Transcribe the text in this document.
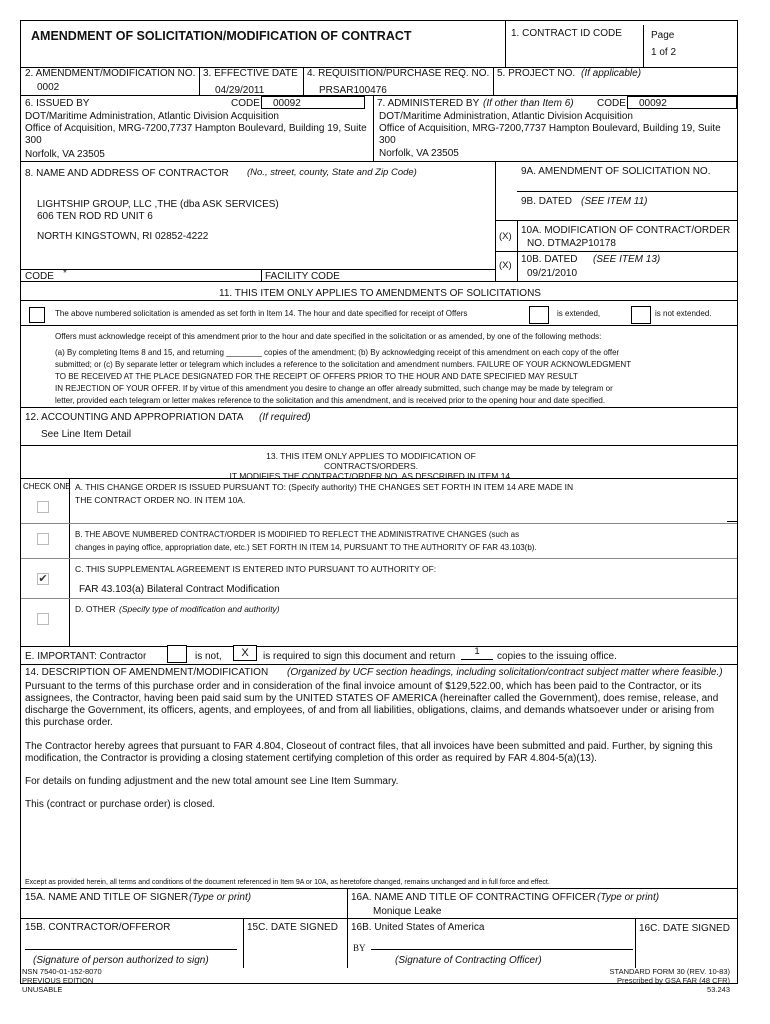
AMENDMENT OF SOLICITATION/MODIFICATION OF CONTRACT	1. CONTRACT ID CODE	Page
1 of 2
2. AMENDMENT/MODIFICATION NO. 3. EFFECTIVE DATE 4. REQUISITION/PURCHASE REQ. NO. 5. PROJECT NO. (If applicable)
0002	04/29/2011	PRSAR100476
6. ISSUED BY	CODE 00092
DOT/Maritime Administration, Atlantic Division Acquisition
Office of Acquisition, MRG-7200,7737 Hampton Boulevard, Building 19, Suite
300
Norfolk, VA 23505
7. ADMINISTERED BY (If other than Item 6) CODE 00092
DOT/Maritime Administration, Atlantic Division Acquisition
Office of Acquisition, MRG-7200,7737 Hampton Boulevard, Building 19, Suite
300
Norfolk, VA 23505
8. NAME AND ADDRESS OF CONTRACTOR (No., street, county, State and Zip Code)
LIGHTSHIP GROUP, LLC ,THE (dba ASK SERVICES)
606 TEN ROD RD UNIT 6
NORTH KINGSTOWN, RI 02852-4222
CODE *	FACILITY CODE
9A. AMENDMENT OF SOLICITATION NO.
9B. DATED (SEE ITEM 11)
(X)
10A. MODIFICATION OF CONTRACT/ORDER
NO. DTMA2P10178
(X)
10B. DATED (SEE ITEM 13)
09/21/2010
11. THIS ITEM ONLY APPLIES TO AMENDMENTS OF SOLICITATIONS
The above numbered solicitation is amended as set forth in Item 14. The hour and date specified for receipt of Offers	is extended,	is not extended.
Offers must acknowledge receipt of this amendment prior to the hour and date specified in the solicitation or as amended, by one of the following methods:
(a) By completing Items 8 and 15, and returning ________ copies of the amendment; (b) By acknowledging receipt of this amendment on each copy of the offer
submitted; or (c) By separate letter or telegram which includes a reference to the solicitation and amendment numbers. FAILURE OF YOUR ACKNOWLEDGMENT
TO BE RECEIVED AT THE PLACE DESIGNATED FOR THE RECEIPT OF OFFERS PRIOR TO THE HOUR AND DATE SPECIFIED MAY RESULT
IN REJECTION OF YOUR OFFER. If by virtue of this amendment you desire to change an offer already submitted, such change may be made by telegram or
letter, provided each telegram or letter makes reference to the solicitation and this amendment, and is received prior to the opening hour and date specified.
12. ACCOUNTING AND APPROPRIATION DATA (If required)
See Line Item Detail
13. THIS ITEM ONLY APPLIES TO MODIFICATION OF
CONTRACTS/ORDERS.
IT MODIFIES THE CONTRACT/ORDER NO. AS DESCRIBED IN ITEM 14.
CHECK ONE A. THIS CHANGE ORDER IS ISSUED PURSUANT TO: (Specify authority) THE CHANGES SET FORTH IN ITEM 14 ARE MADE IN
THE CONTRACT ORDER NO. IN ITEM 10A.
B. THE ABOVE NUMBERED CONTRACT/ORDER IS MODIFIED TO REFLECT THE ADMINISTRATIVE CHANGES (such as
changes in paying office, appropriation date, etc.) SET FORTH IN ITEM 14, PURSUANT TO THE AUTHORITY OF FAR 43.103(b).
✔
C. THIS SUPPLEMENTAL AGREEMENT IS ENTERED INTO PURSUANT TO AUTHORITY OF:
FAR 43.103(a) Bilateral Contract Modification
D. OTHER (Specify type of modification and authority)
E. IMPORTANT: Contractor	is not,	X	is required to sign this document and return	1	copies to the issuing office.
14. DESCRIPTION OF AMENDMENT/MODIFICATION (Organized by UCF section headings, including solicitation/contract subject matter where feasible.)
Pursuant to the terms of this purchase order and in consideration of the final invoice amount of $129,522.00, which has been paid to the Contractor, or its assignees, the Contractor, having been paid said sum by the UNITED STATES OF AMERICA (hereinafter called the Government), does remise, release, and discharge the Government, its officers, agents, and employees, of and from all liabilities, obligations, claims, and demands whatsoever under or arising from this purchase order.
The Contractor hereby agrees that pursuant to FAR 4.804, Closeout of contract files, that all invoices have been submitted and paid. Further, by signing this modification, the Contractor is providing a closing statement certifying completion of this order as required by FAR 4.804-5(a)(13).
For details on funding adjustment and the new total amount see Line Item Summary.
This (contract or purchase order) is closed.
Except as provided herein, all terms and conditions of the document referenced in Item 9A or 10A, as heretofore changed, remains unchanged and in full force and effect.
15A. NAME AND TITLE OF SIGNER (Type or print)	16A. NAME AND TITLE OF CONTRACTING OFFICER (Type or print)
Monique Leake
15B. CONTRACTOR/OFFEROR	15C. DATE SIGNED 16B. United States of America	16C. DATE SIGNED
BY
(Signature of person authorized to sign)	(Signature of Contracting Officer)
NSN 7540-01-152-8070
PREVIOUS EDITION
UNUSABLE
STANDARD FORM 30 (REV. 10-83)
Prescribed by GSA FAR (48 CFR)
53.243
